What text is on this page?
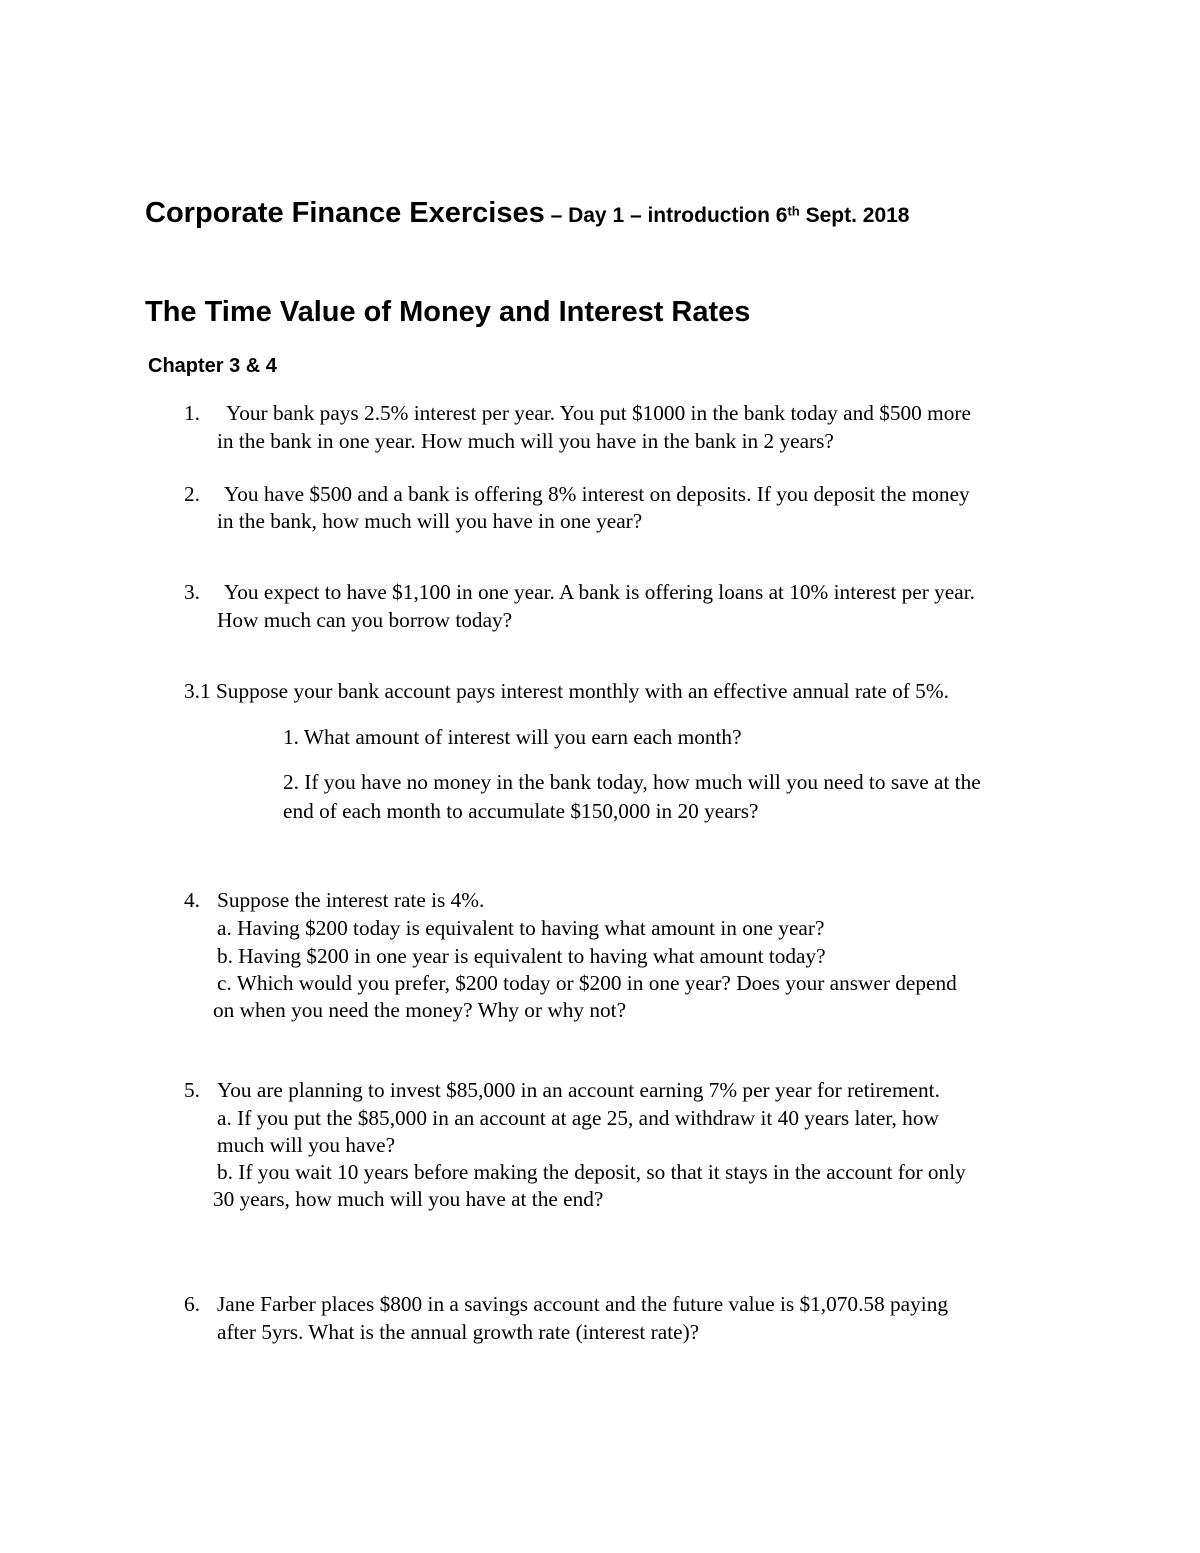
Corporate Finance Exercises – Day 1 – introduction 6th Sept. 2018
The Time Value of Money and Interest Rates
Chapter 3 & 4
1. Your bank pays 2.5% interest per year. You put $1000 in the bank today and $500 more
in the bank in one year. How much will you have in the bank in 2 years?
2. You have $500 and a bank is offering 8% interest on deposits. If you deposit the money
in the bank, how much will you have in one year?
3. You expect to have $1,100 in one year. A bank is offering loans at 10% interest per year.
How much can you borrow today?
3.1 Suppose your bank account pays interest monthly with an effective annual rate of 5%.
1. What amount of interest will you earn each month?
2. If you have no money in the bank today, how much will you need to save at the
end of each month to accumulate $150,000 in 20 years?
4. Suppose the interest rate is 4%.
a. Having $200 today is equivalent to having what amount in one year?
b. Having $200 in one year is equivalent to having what amount today?
c. Which would you prefer, $200 today or $200 in one year? Does your answer depend
on when you need the money? Why or why not?
5. You are planning to invest $85,000 in an account earning 7% per year for retirement.
a. If you put the $85,000 in an account at age 25, and withdraw it 40 years later, how
much will you have?
b. If you wait 10 years before making the deposit, so that it stays in the account for only
30 years, how much will you have at the end?
6. Jane Farber places $800 in a savings account and the future value is $1,070.58 paying
after 5yrs. What is the annual growth rate (interest rate)?
